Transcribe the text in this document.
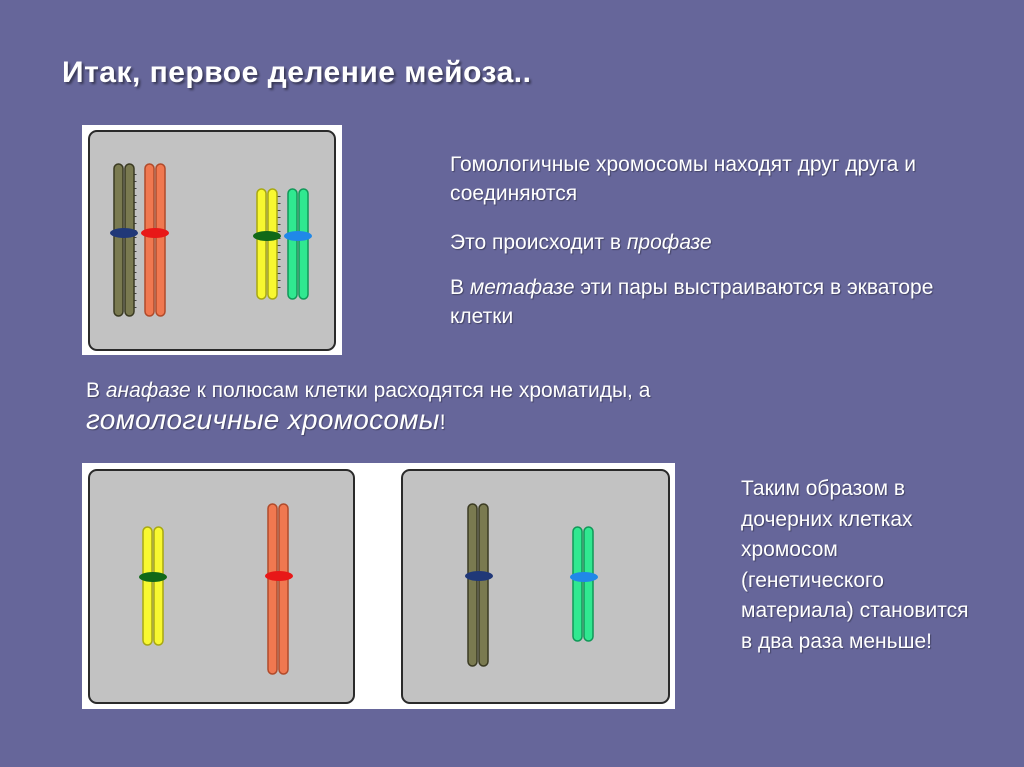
Итак, первое деление мейоза..
Гомологичные хромосомы находят друг друга и соединяются
Это происходит в профазе
В метафазе эти пары выстраиваются в экваторе клетки
В анафазе к полюсам клетки расходятся не хроматиды, а
гомологичные хромосомы!
Таким образом в дочерних клетках хромосом (генетического материала) становится в два раза меньше!
